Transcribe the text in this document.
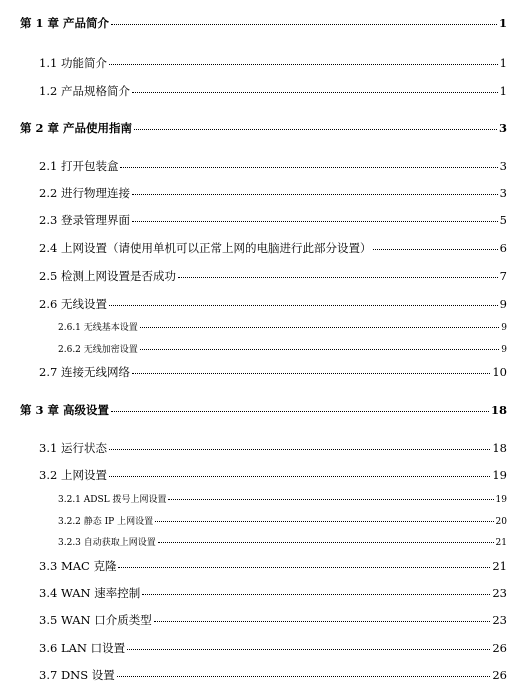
第 1 章 产品简介	1
1.1 功能简介	1
1.2 产品规格简介	1
第 2 章 产品使用指南	3
2.1 打开包装盒	3
2.2 进行物理连接	3
2.3 登录管理界面	5
2.4 上网设置（请使用单机可以正常上网的电脑进行此部分设置）	6
2.5 检测上网设置是否成功	7
2.6 无线设置	9
2.6.1 无线基本设置	9
2.6.2 无线加密设置	9
2.7 连接无线网络	10
第 3 章 高级设置	18
3.1 运行状态	18
3.2 上网设置	19
3.2.1 ADSL 拨号上网设置	19
3.2.2 静态 IP 上网设置	20
3.2.3 自动获取上网设置	21
3.3 MAC 克隆	21
3.4 WAN 速率控制	23
3.5 WAN 口介质类型	23
3.6 LAN 口设置	26
3.7 DNS 设置	26
